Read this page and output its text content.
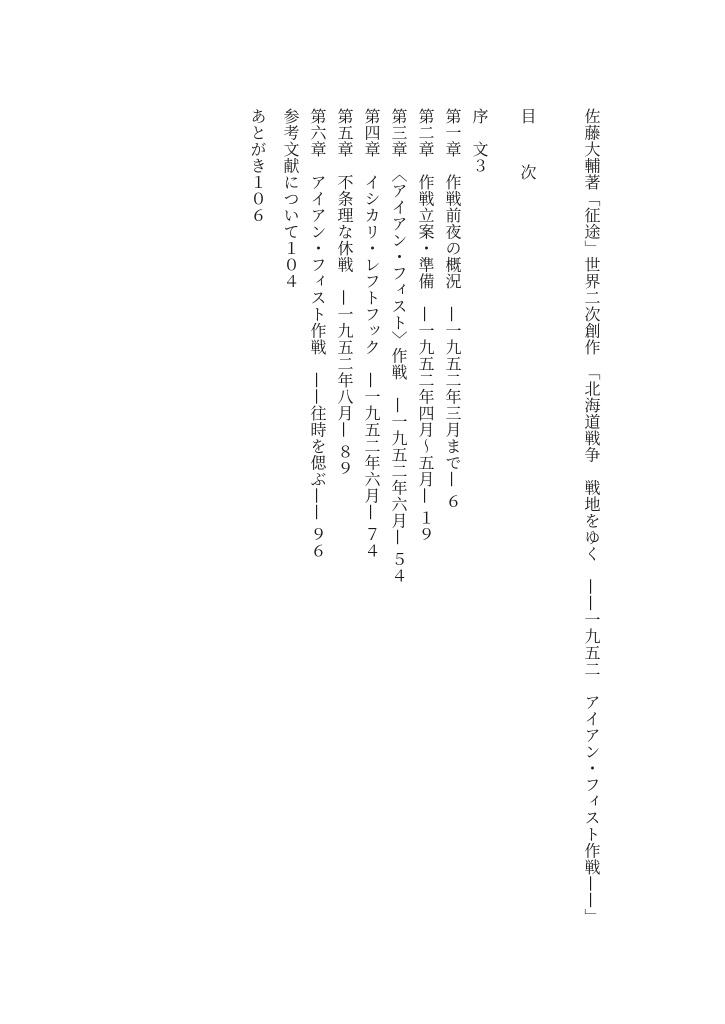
佐藤大輔著「征途」世界二次創作　「北海道戦争　戦地をゆく　——一九五二　アイアン・フィスト作戦——」
目　次
序　文３
第一章　作戦前夜の概況　—一九五二年三月まで— ６
第二章　作戦立案・準備　—一九五二年四月～五月— １９
第三章　〈アイアン・フィスト〉作戦　—一九五二年六月— ５４
第四章　イシカリ・レフトフック　—一九五二年六月— ７４
第五章　不条理な休戦　—一九五二年八月— ８９
第六章　アイアン・フィスト作戦　——往時を偲ぶ—— ９６
参考文献について１０４
あとがき１０６
